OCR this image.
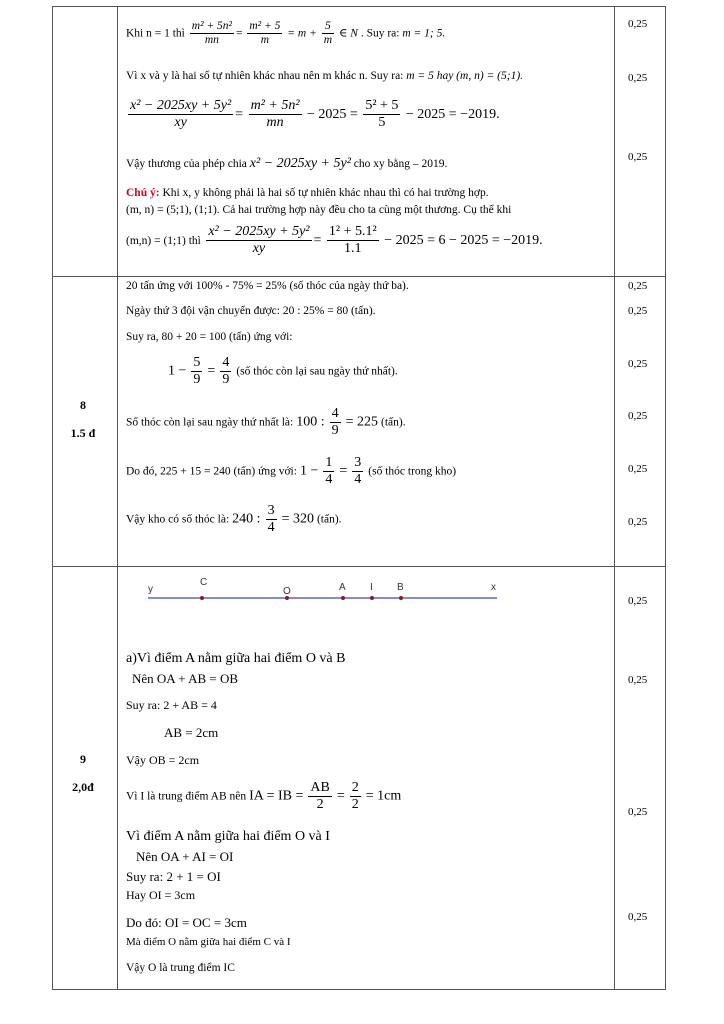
Khi n = 1 thì $\frac{\text{m² + 5n²}}{mn} = \frac{\text{m² + 5}}{m} = m + \frac{5}{m}$ ∈ N . Suy ra: m = 1; 5.
Vì x và y là hai số tự nhiên khác nhau nên m khác n. Suy ra: m = 5 hay (m, n) = (5;1).
$\frac{\text{x² − 2025xy + 5y²}}{xy} = \frac{\text{m² + 5n²}}{mn} - 2025 = \frac{\text{5² + 5}}{5} - 2025 = -2019$.
Vậy thương của phép chia x² − 2025xy + 5y² cho xy bằng – 2019.
Chú ý: Khi x, y không phải là hai số tự nhiên khác nhau thì có hai trường hợp.
(m, n) = (5;1), (1;1). Cả hai trường hợp này đều cho ta cùng một thương. Cụ thể khi
(m,n) = (1;1) thì $\frac{\text{x² − 2025xy + 5y²}}{xy} = \frac{\text{1² + 5.1²}}{1.1} - 2025 = 6 - 2025 = -2019$.
0,25
0,25
0,25
8
1.5 đ
20 tấn ứng với 100% - 75% = 25% (số thóc của ngày thứ ba).
Ngày thứ 3 đội vận chuyển được: 20 : 25% = 80 (tấn).
Suy ra, 80 + 20 = 100 (tấn) ứng với:
$1 - \frac{5}{9} = \frac{4}{9}$ (số thóc còn lại sau ngày thứ nhất).
Số thóc còn lại sau ngày thứ nhất là: 100 : $\frac{4}{9} = 225$ (tấn).
Do đó, 225 + 15 = 240 (tấn) ứng với: $1 - \frac{1}{4} = \frac{3}{4}$ (số thóc trong kho)
Vậy kho có số thóc là: 240 : $\frac{3}{4} = 320$ (tấn).
0,25
0,25
0,25
0,25
0,25
0,25
9
2,0đ
y
C
O	A I B	x
a)Vì điểm A nằm giữa hai điểm O và B
Nên OA + AB = OB
Suy ra: 2 + AB = 4
AB = 2cm
Vậy OB = 2cm
Vì I là trung điểm AB nên IA = IB = $\frac{AB}{2} = \frac{2}{2} = 1cm$
Vì điểm A nằm giữa hai điểm O và I
Nên OA + AI = OI
Suy ra: 2 + 1 = OI
Hay OI = 3cm
Do đó: OI = OC = 3cm
Mà điểm O nằm giữa hai điểm C và I
Vậy O là trung điểm IC
0,25
0,25
0,25
0,25
